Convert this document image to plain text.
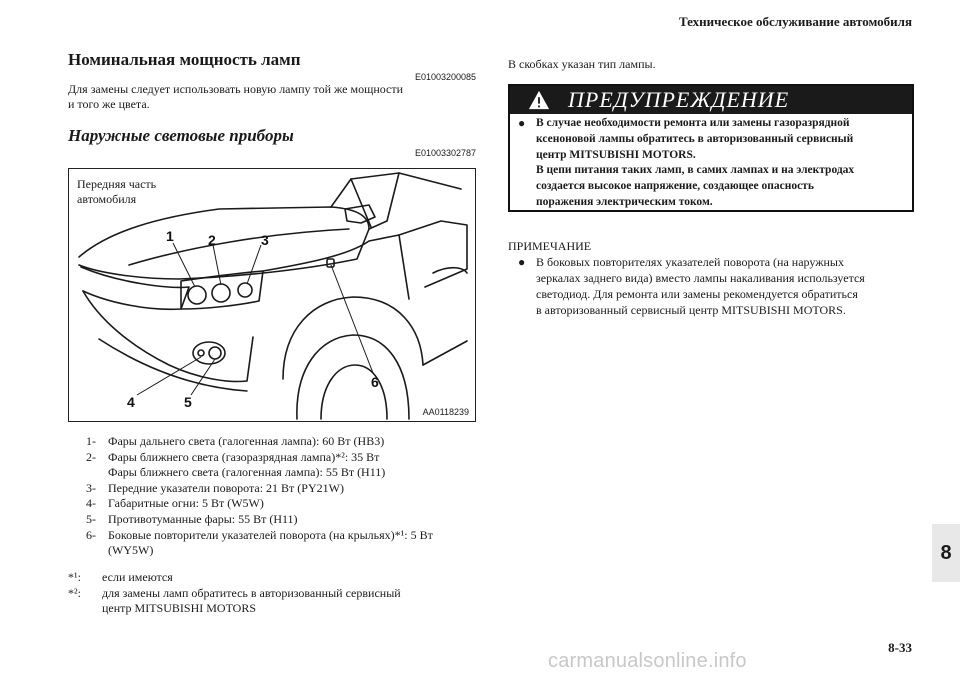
Техническое обслуживание автомобиля

Номинальная мощность ламп

E01003200085

Для замены следует использовать новую лампу той же мощности

и того же цвета.

Наружные световые приборы

E01003302787
1 2	3
4	5
6
Передняя часть
автомобиля
AA0118239
1-	Фары дальнего света (галогенная лампа): 60 Вт (HB3)
2-	Фары ближнего света (газоразрядная лампа)*²: 35 Вт
Фары ближнего света (галогенная лампа): 55 Вт (H11)
3-	Передние указатели поворота: 21 Вт (PY21W)
4-	Габаритные огни: 5 Вт (W5W)
5-	Противотуманные фары: 55 Вт (H11)
6-	Боковые повторители указателей поворота (на крыльях)*¹: 5 Вт
(WY5W)
*¹:	если имеются
*²:	для замены ламп обратитесь в авторизованный сервисный
центр MITSUBISHI MOTORS
В скобках указан тип лампы.
ПРЕДУПРЕЖДЕНИЕ
● В случае необходимости ремонта или замены газоразрядной
ксеноновой лампы обратитесь в авторизованный сервисный
центр MITSUBISHI MOTORS.
В цепи питания таких ламп, в самих лампах и на электродах
создается высокое напряжение, создающее опасность
поражения электрическим током.
ПРИМЕЧАНИЕ
● В боковых повторителях указателей поворота (на наружных
зеркалах заднего вида) вместо лампы накаливания используется
светодиод. Для ремонта или замены рекомендуется обратиться
в авторизованный сервисный центр MITSUBISHI MOTORS.
8
8-33
carmanualsonline.info
